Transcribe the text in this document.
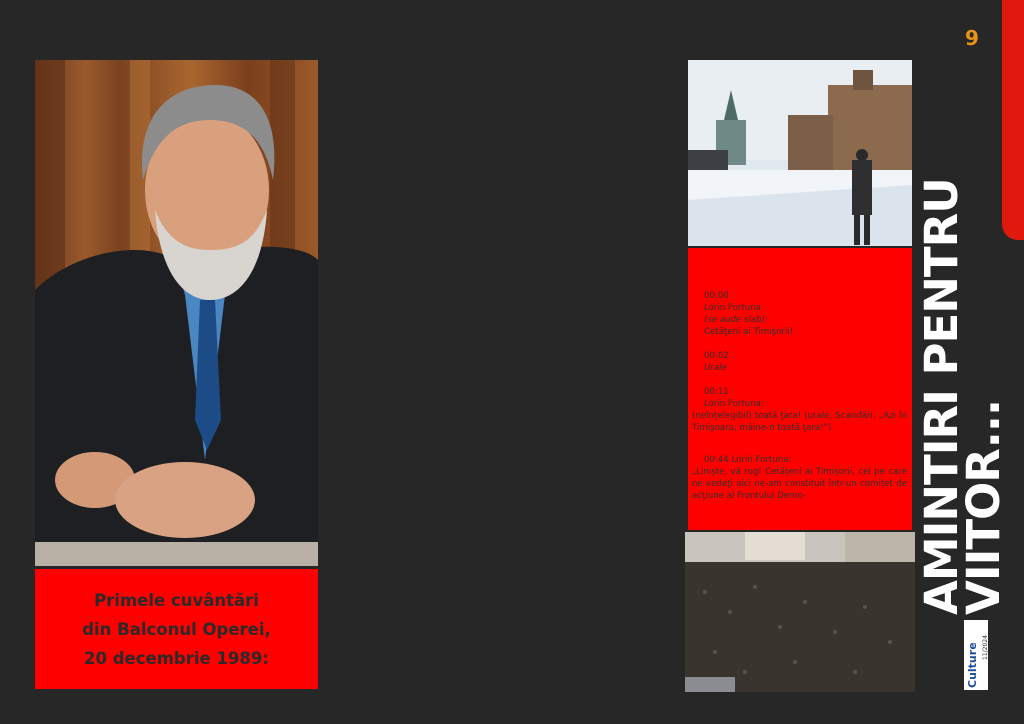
Primele cuvântări
din Balconul Operei,
20 decembrie 1989:

00:00
Lorin Fortuna
(se aude slab):
Cetăţeni ai Timişorii!

00:02
Urale

00:11
Lorin Fortuna:
(neînţelegibil) toată ţara! (urale, Scandări: „Azi în Timişoara, mâine-n toată ţara!”)

00:44 Lorin Fortuna:
„Linişte, vă rog! Cetăţeni ai Timişorii, cei pe care ne vedeţi aici ne-am constituit într-un comitet de acţiune al Frontului Demo-	AMINTIRI PENTRU
VIITOR...
9
Culture 11/2024
